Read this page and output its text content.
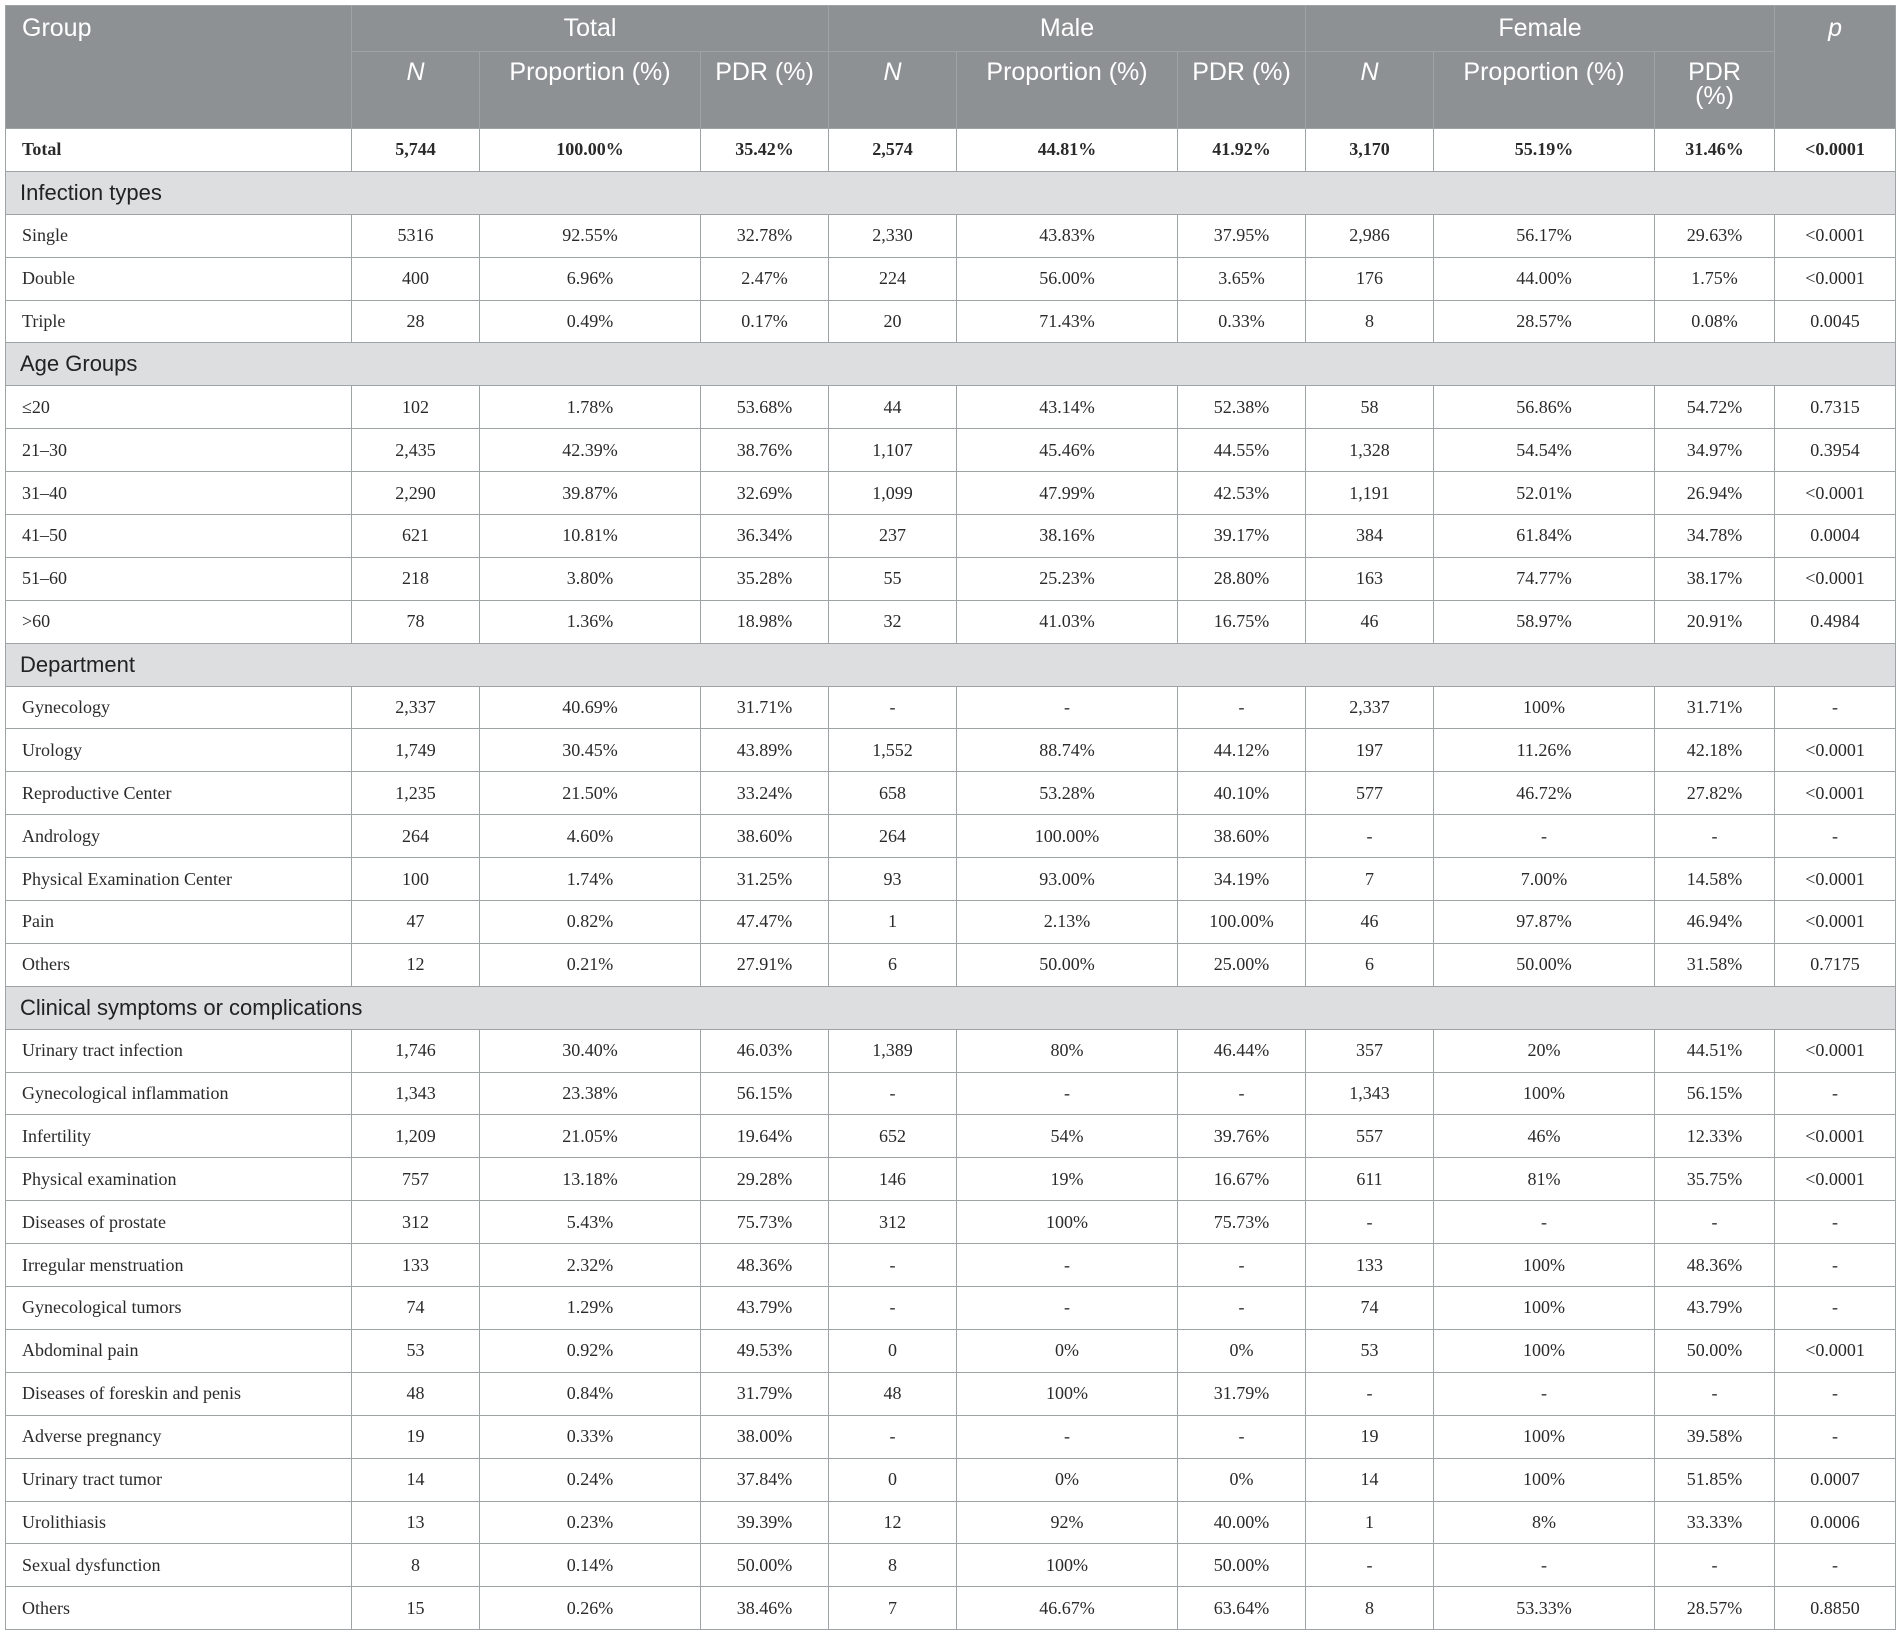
Group	Total			Male			Female			p
	N	Proportion (%)	PDR (%)	N	Proportion (%)	PDR (%)	N	Proportion (%)	PDR
(%)	
Total	5,744	100.00%	35.42%	2,574	44.81%	41.92%	3,170	55.19%	31.46%	<0.0001
Infection types										
Single	5316	92.55%	32.78%	2,330	43.83%	37.95%	2,986	56.17%	29.63%	<0.0001
Double	400	6.96%	2.47%	224	56.00%	3.65%	176	44.00%	1.75%	<0.0001
Triple	28	0.49%	0.17%	20	71.43%	0.33%	8	28.57%	0.08%	0.0045
Age Groups										
≤20	102	1.78%	53.68%	44	43.14%	52.38%	58	56.86%	54.72%	0.7315
21–30	2,435	42.39%	38.76%	1,107	45.46%	44.55%	1,328	54.54%	34.97%	0.3954
31–40	2,290	39.87%	32.69%	1,099	47.99%	42.53%	1,191	52.01%	26.94%	<0.0001
41–50	621	10.81%	36.34%	237	38.16%	39.17%	384	61.84%	34.78%	0.0004
51–60	218	3.80%	35.28%	55	25.23%	28.80%	163	74.77%	38.17%	<0.0001
>60	78	1.36%	18.98%	32	41.03%	16.75%	46	58.97%	20.91%	0.4984
Department										
Gynecology	2,337	40.69%	31.71%	-	-	-	2,337	100%	31.71%	-
Urology	1,749	30.45%	43.89%	1,552	88.74%	44.12%	197	11.26%	42.18%	<0.0001
Reproductive Center	1,235	21.50%	33.24%	658	53.28%	40.10%	577	46.72%	27.82%	<0.0001
Andrology	264	4.60%	38.60%	264	100.00%	38.60%	-	-	-	-
Physical Examination Center	100	1.74%	31.25%	93	93.00%	34.19%	7	7.00%	14.58%	<0.0001
Pain	47	0.82%	47.47%	1	2.13%	100.00%	46	97.87%	46.94%	<0.0001
Others	12	0.21%	27.91%	6	50.00%	25.00%	6	50.00%	31.58%	0.7175
Clinical symptoms or complications										
Urinary tract infection	1,746	30.40%	46.03%	1,389	80%	46.44%	357	20%	44.51%	<0.0001
Gynecological inflammation	1,343	23.38%	56.15%	-	-	-	1,343	100%	56.15%	-
Infertility	1,209	21.05%	19.64%	652	54%	39.76%	557	46%	12.33%	<0.0001
Physical examination	757	13.18%	29.28%	146	19%	16.67%	611	81%	35.75%	<0.0001
Diseases of prostate	312	5.43%	75.73%	312	100%	75.73%	-	-	-	-
Irregular menstruation	133	2.32%	48.36%	-	-	-	133	100%	48.36%	-
Gynecological tumors	74	1.29%	43.79%	-	-	-	74	100%	43.79%	-
Abdominal pain	53	0.92%	49.53%	0	0%	0%	53	100%	50.00%	<0.0001
Diseases of foreskin and penis	48	0.84%	31.79%	48	100%	31.79%	-	-	-	-
Adverse pregnancy	19	0.33%	38.00%	-	-	-	19	100%	39.58%	-
Urinary tract tumor	14	0.24%	37.84%	0	0%	0%	14	100%	51.85%	0.0007
Urolithiasis	13	0.23%	39.39%	12	92%	40.00%	1	8%	33.33%	0.0006
Sexual dysfunction	8	0.14%	50.00%	8	100%	50.00%	-	-	-	-
Others	15	0.26%	38.46%	7	46.67%	63.64%	8	53.33%	28.57%	0.8850
